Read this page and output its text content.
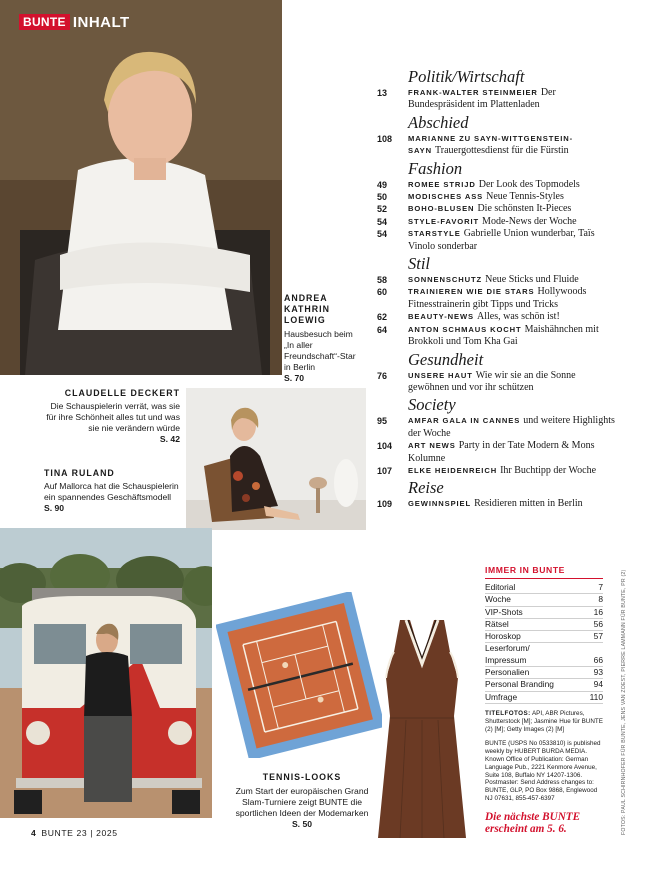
BUNTE INHALT
ANDREA
KATHRIN
LOEWIG
Hausbesuch beim „In aller Freundschaft“-Star in Berlin
S. 70
CLAUDELLE DECKERT
Die Schauspielerin verrät, was sie für ihre Schönheit alles tut und was sie nie verändern würde
S. 42
TINA RULAND
Auf Mallorca hat die Schauspielerin ein spannendes Geschäftsmodell
S. 90
TENNIS-LOOKS
Zum Start der europäischen Grand Slam-Turniere zeigt BUNTE die sportlichen Ideen der Modemarken
S. 50
Politik/Wirtschaft
13	FRANK-WALTER STEINMEIER Der Bundespräsident im Plattenladen
Abschied
108	MARIANNE ZU SAYN-WITTGENSTEIN-SAYN Trauergottesdienst für die Fürstin
Fashion
49	ROMEE STRIJD Der Look des Topmodels
50	MODISCHES ASS Neue Tennis-Styles
52	BOHO-BLUSEN Die schönsten It-Pieces
54	STYLE-FAVORIT Mode-News der Woche
54	STARSTYLE Gabrielle Union wunderbar, Taïs Vinolo sonderbar
Stil
58	SONNENSCHUTZ Neue Sticks und Fluide
60	TRAINIEREN WIE DIE STARS Hollywoods Fitnesstrainerin gibt Tipps und Tricks
62	BEAUTY-NEWS Alles, was schön ist!
64	ANTON SCHMAUS KOCHT Maishähnchen mit Brokkoli und Tom Kha Gai
Gesundheit
76	UNSERE HAUT Wie wir sie an die Sonne gewöhnen und vor ihr schützen
Society
95	AMFAR GALA IN CANNES und weitere Highlights der Woche
104	ART NEWS Party in der Tate Modern & Mons Kolumne
107	ELKE HEIDENREICH Ihr Buchtipp der Woche
Reise
109	GEWINNSPIEL Residieren mitten in Berlin
IMMER IN BUNTE
Editorial	7
Woche	8
VIP-Shots	16
Rätsel	56
Horoskop	57
Leserforum/
Impressum	66
Personalien	93
Personal Branding	94
Umfrage	110
TITELFOTOS: API, ABR Pictures, Shutterstock [M]; Jasmine Hue für BUNTE (2) [M]; Getty Images (2) [M]
BUNTE (USPS No 0533810) is published weekly by HUBERT BURDA MEDIA. Known Office of Publication: German Language Pub., 2221 Kenmore Avenue, Suite 108, Buffalo NY 14207-1306. Postmaster: Send Address changes to: BUNTE, GLP, PO Box 9868, Englewood NJ 07631, 855-457-6397
Die nächste BUNTE erscheint am 5. 6.	FOTOS: PAUL SCHIRNHOFER FÜR BUNTE, JENS VAN ZOEST, PIERRE LAMMANN FÜR BUNTE, PR (2)
4 BUNTE 23 | 2025
